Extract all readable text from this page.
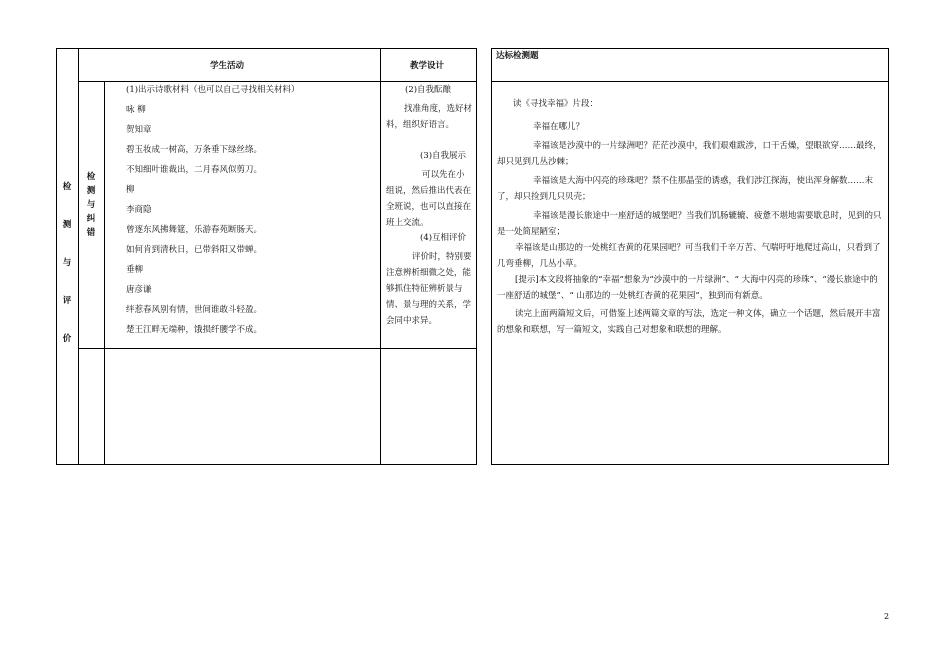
检
测
与
评
价
检
测
与
纠
错
学生活动	教学设计
(1)出示诗歌材料（也可以自己寻找相关材料）
咏 柳
贺知章
碧玉妆成一树高，万条垂下绿丝绦。
不知细叶谁裁出，二月春风似剪刀。
柳
李商隐
曾逐东风拂舞筵，乐游春苑断肠天。
如何肯到清秋日，已带斜阳又带蝉。
垂柳
唐彦谦
绊惹春风别有情，世间谁敢斗轻盈。
楚王江畔无端种，饿损纤腰学不成。
(2)自我酝酿
找准角度，选好材料，组织好语言。
(3)自我展示
可以先在小组说，然后推出代表在全班说，也可以直接在班上交流。
(4)互相评价
评价时，特别要注意辨析细微之处，能够抓住特征辨析景与情、景与理的关系，学会同中求异。
达标检测题
读《寻找幸福》片段：
幸福在哪儿？
幸福该是沙漠中的一片绿洲吧？茫茫沙漠中，我们艰难跋涉，口干舌燥，望眼欲穿……最终，却只见到几丛沙棘；
幸福该是大海中闪亮的珍珠吧？禁不住那晶莹的诱惑，我们涉江探海，使出浑身解数……末了，却只捡到几只贝壳；
幸福该是漫长旅途中一座舒适的城堡吧？当我们饥肠辘辘、疲惫不堪地需要歇息时，见到的只是一处简屋陋室；
幸福该是山那边的一处桃红杏黄的花果园吧？可当我们千辛万苦、气喘吁吁地爬过高山，只看到了几弯垂柳，几丛小草。
[提示]本文段将抽象的“幸福”想象为“沙漠中的一片绿洲”、“ 大海中闪亮的珍珠”、“漫长旅途中的一座舒适的城堡”、“ 山那边的一处桃红杏黄的花果园”，独到而有新意。
读完上面两篇短文后，可借鉴上述两篇文章的写法，选定一种文体，确立一个话题，然后展开丰富的想象和联想，写一篇短文，实践自己对想象和联想的理解。
2
